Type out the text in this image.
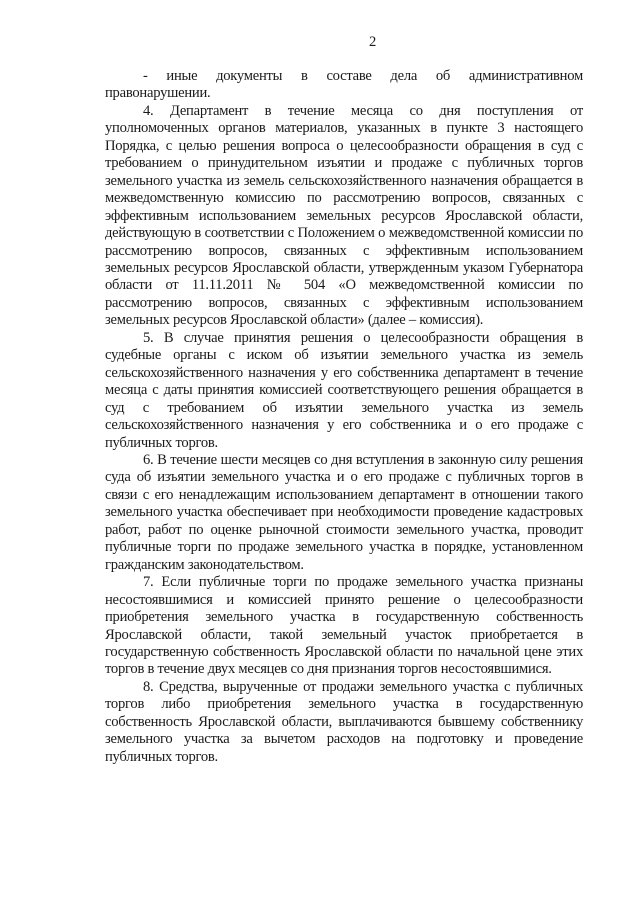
2

- иные документы в составе дела об административном правонарушении.

4. Департамент в течение месяца со дня поступления от уполномоченных органов материалов, указанных в пункте 3 настоящего Порядка, с целью решения вопроса о целесообразности обращения в суд с требованием о принудительном изъятии и продаже с публичных торгов земельного участка из земель сельскохозяйственного назначения обращается в межведомственную комиссию по рассмотрению вопросов, связанных с эффективным использованием земельных ресурсов Ярославской области, действующую в соответствии с Положением о межведомственной комиссии по рассмотрению вопросов, связанных с эффективным использованием земельных ресурсов Ярославской области, утвержденным указом Губернатора области от 11.11.2011 № 504 «О межведомственной комиссии по рассмотрению вопросов, связанных с эффективным использованием земельных ресурсов Ярославской области» (далее – комиссия).

5. В случае принятия решения о целесообразности обращения в судебные органы с иском об изъятии земельного участка из земель сельскохозяйственного назначения у его собственника департамент в течение месяца с даты принятия комиссией соответствующего решения обращается в суд с требованием об изъятии земельного участка из земель сельскохозяйственного назначения у его собственника и о его продаже с публичных торгов.

6. В течение шести месяцев со дня вступления в законную силу решения суда об изъятии земельного участка и о его продаже с публичных торгов в связи с его ненадлежащим использованием департамент в отношении такого земельного участка обеспечивает при необходимости проведение кадастровых работ, работ по оценке рыночной стоимости земельного участка, проводит публичные торги по продаже земельного участка в порядке, установленном гражданским законодательством.

7. Если публичные торги по продаже земельного участка признаны несостоявшимися и комиссией принято решение о целесообразности приобретения земельного участка в государственную собственность Ярославской области, такой земельный участок приобретается в государственную собственность Ярославской области по начальной цене этих торгов в течение двух месяцев со дня признания торгов несостоявшимися.

8. Средства, вырученные от продажи земельного участка с публичных торгов либо приобретения земельного участка в государственную собственность Ярославской области, выплачиваются бывшему собственнику земельного участка за вычетом расходов на подготовку и проведение публичных торгов.
